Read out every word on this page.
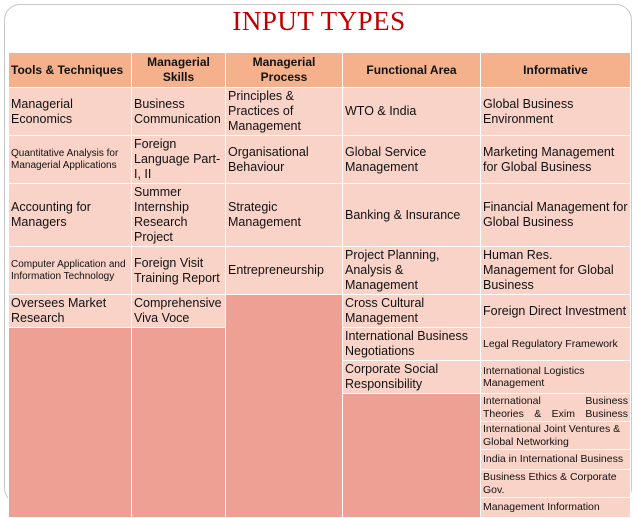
INPUT TYPES
Tools & Techniques	Managerial Skills	Managerial Process	Functional Area	Informative
Managerial Economics	Business Communication	Principles & Practices of Management	WTO & India	Global Business Environment
Quantitative Analysis for Managerial Applications	Foreign Language Part-I, II	Organisational Behaviour	Global Service Management	Marketing Management for Global Business
Accounting for Managers	Summer Internship Research Project	Strategic Management	Banking & Insurance	Financial Management for Global Business
Computer Application and Information Technology	Foreign Visit Training Report	Entrepreneurship	Project Planning, Analysis & Management	Human Res. Management for Global Business
Oversees Market Research	Comprehensive Viva Voce		Cross Cultural Management	Foreign Direct Investment
			International Business Negotiations	Legal Regulatory Framework
			Corporate Social Responsibility	International Logistics Management
				International Business Theories & Exim Business
				International Joint Ventures & Global Networking
				India in International Business
				Business Ethics & Corporate Gov.
				Management Information
